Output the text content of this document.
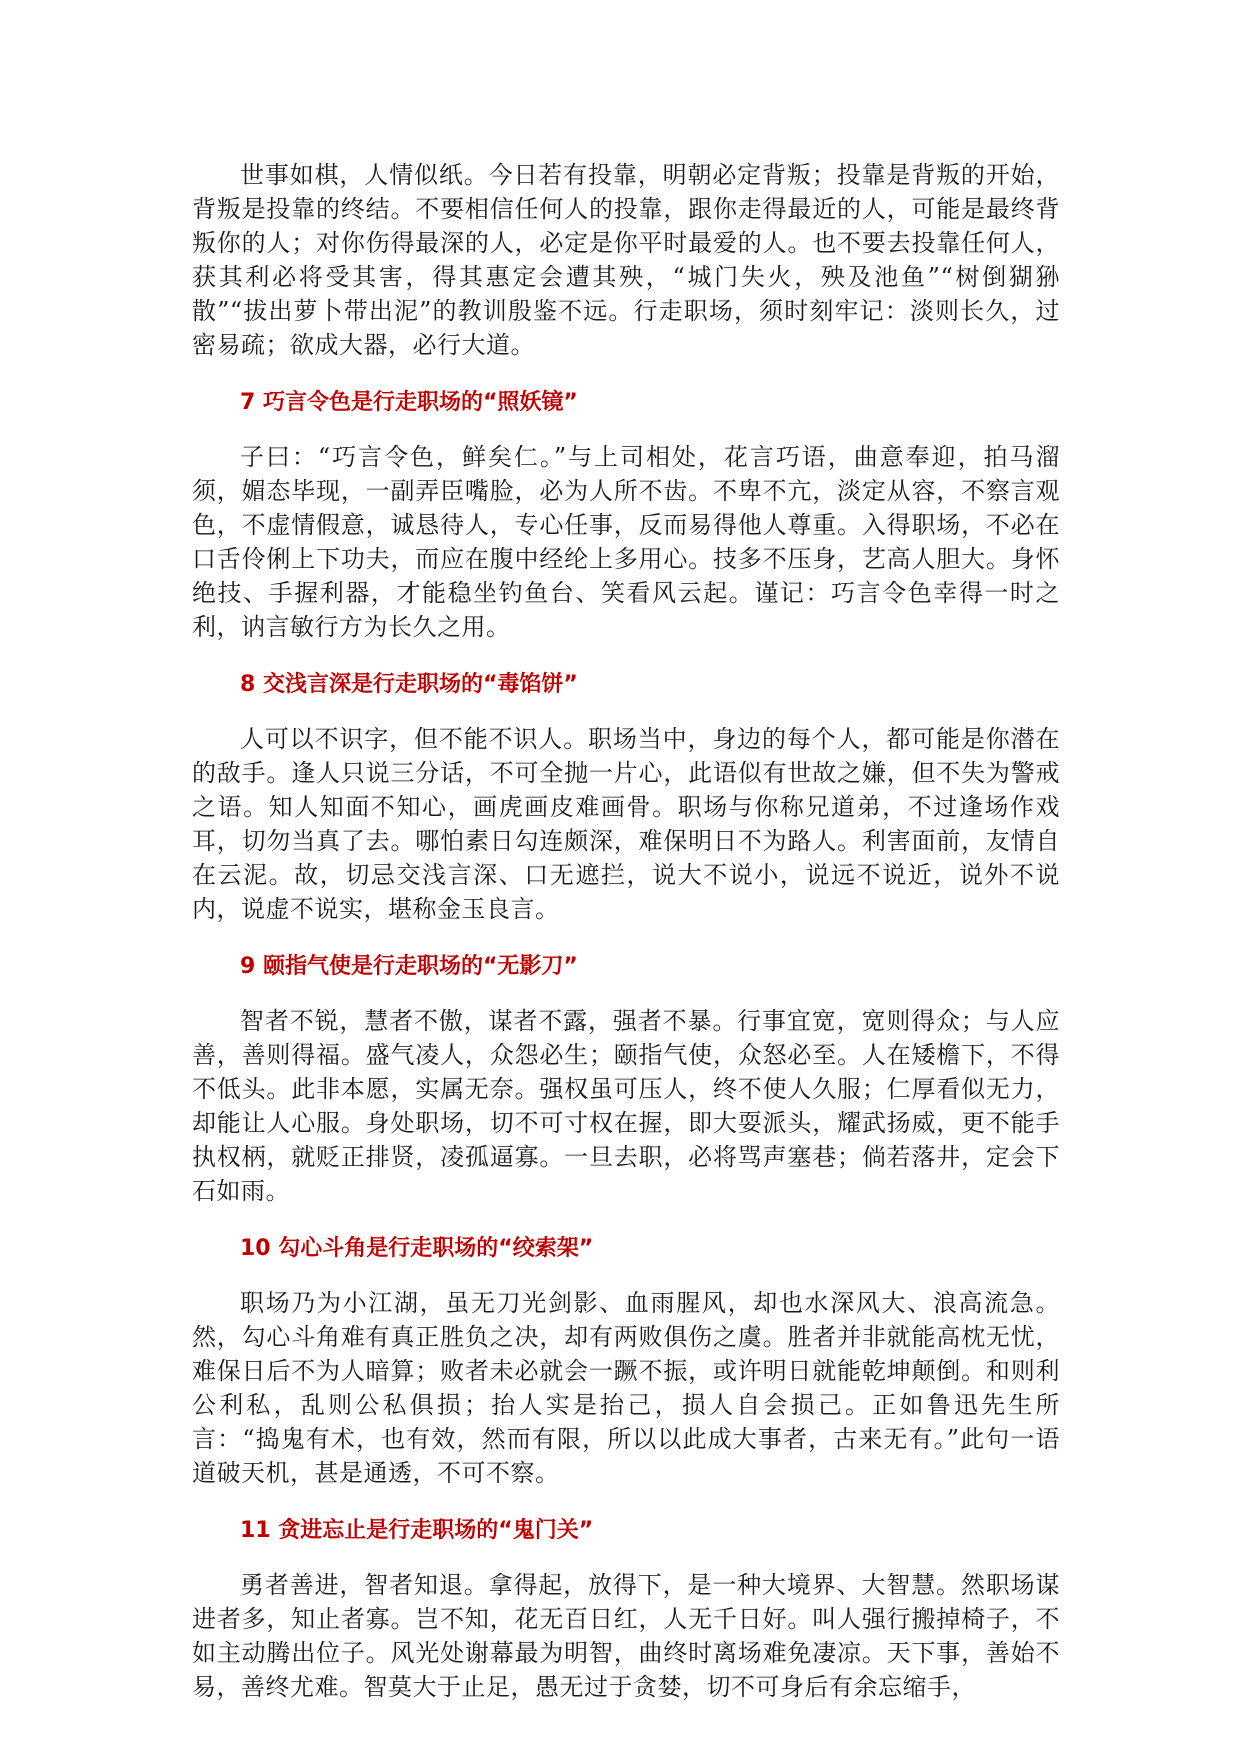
世事如棋，人情似纸。今日若有投靠，明朝必定背叛；投靠是背叛的开始，背叛是投靠的终结。不要相信任何人的投靠，跟你走得最近的人，可能是最终背叛你的人；对你伤得最深的人，必定是你平时最爱的人。也不要去投靠任何人，获其利必将受其害，得其惠定会遭其殃，“城门失火，殃及池鱼”“树倒猢狲散”“拔出萝卜带出泥”的教训殷鉴不远。行走职场，须时刻牢记：淡则长久，过密易疏；欲成大器，必行大道。

7 巧言令色是行走职场的“照妖镜”

子曰：“巧言令色，鲜矣仁。”与上司相处，花言巧语，曲意奉迎，拍马溜须，媚态毕现，一副弄臣嘴脸，必为人所不齿。不卑不亢，淡定从容，不察言观色，不虚情假意，诚恳待人，专心任事，反而易得他人尊重。入得职场，不必在口舌伶俐上下功夫，而应在腹中经纶上多用心。技多不压身，艺高人胆大。身怀绝技、手握利器，才能稳坐钓鱼台、笑看风云起。谨记：巧言令色幸得一时之利，讷言敏行方为长久之用。

8 交浅言深是行走职场的“毒馅饼”

人可以不识字，但不能不识人。职场当中，身边的每个人，都可能是你潜在的敌手。逢人只说三分话，不可全抛一片心，此语似有世故之嫌，但不失为警戒之语。知人知面不知心，画虎画皮难画骨。职场与你称兄道弟，不过逢场作戏耳，切勿当真了去。哪怕素日勾连颇深，难保明日不为路人。利害面前，友情自在云泥。故，切忌交浅言深、口无遮拦，说大不说小，说远不说近，说外不说内，说虚不说实，堪称金玉良言。

9 颐指气使是行走职场的“无影刀”

智者不锐，慧者不傲，谋者不露，强者不暴。行事宜宽，宽则得众；与人应善，善则得福。盛气凌人，众怨必生；颐指气使，众怒必至。人在矮檐下，不得不低头。此非本愿，实属无奈。强权虽可压人，终不使人久服；仁厚看似无力，却能让人心服。身处职场，切不可寸权在握，即大耍派头，耀武扬威，更不能手执权柄，就贬正排贤，凌孤逼寡。一旦去职，必将骂声塞巷；倘若落井，定会下石如雨。

10 勾心斗角是行走职场的“绞索架”

职场乃为小江湖，虽无刀光剑影、血雨腥风，却也水深风大、浪高流急。然，勾心斗角难有真正胜负之决，却有两败俱伤之虞。胜者并非就能高枕无忧，难保日后不为人暗算；败者未必就会一蹶不振，或许明日就能乾坤颠倒。和则利公利私，乱则公私俱损；抬人实是抬己，损人自会损己。正如鲁迅先生所言：“捣鬼有术，也有效，然而有限，所以以此成大事者，古来无有。”此句一语道破天机，甚是通透，不可不察。

11 贪进忘止是行走职场的“鬼门关”

勇者善进，智者知退。拿得起，放得下，是一种大境界、大智慧。然职场谋进者多，知止者寡。岂不知，花无百日红，人无千日好。叫人强行搬掉椅子，不如主动腾出位子。风光处谢幕最为明智，曲终时离场难免凄凉。天下事，善始不易，善终尤难。智莫大于止足，愚无过于贪婪，切不可身后有余忘缩手，
